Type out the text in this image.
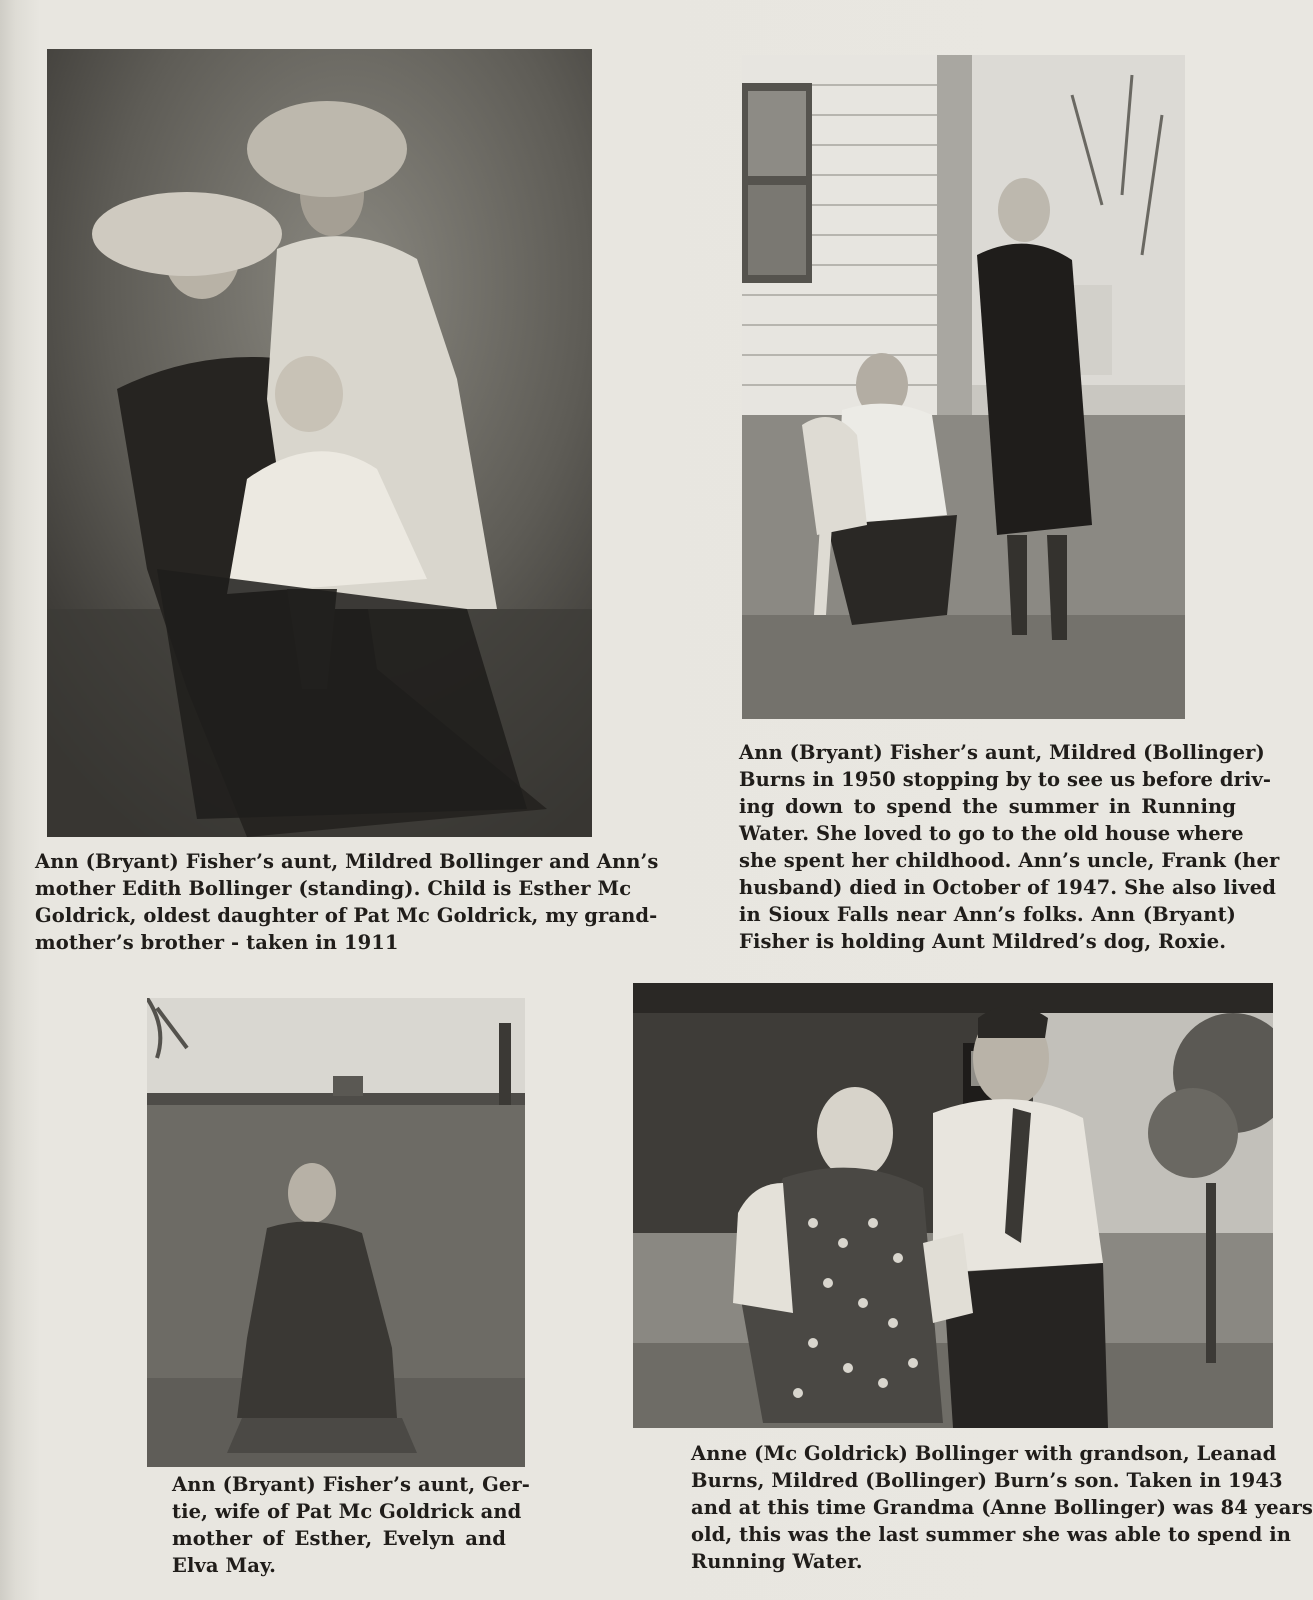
Ann (Bryant) Fisher’s aunt, Mildred Bollinger and Ann’s
mother Edith Bollinger (standing). Child is Esther Mc
Goldrick, oldest daughter of Pat Mc Goldrick, my grand-
mother’s brother - taken in 1911
Ann (Bryant) Fisher’s aunt, Mildred (Bollinger)
Burns in 1950 stopping by to see us before driv-
ing down to spend the summer in Running
Water. She loved to go to the old house where
she spent her childhood. Ann’s uncle, Frank (her
husband) died in October of 1947. She also lived
in Sioux Falls near Ann’s folks. Ann (Bryant)
Fisher is holding Aunt Mildred’s dog, Roxie.
Ann (Bryant) Fisher’s aunt, Ger-
tie, wife of Pat Mc Goldrick and
mother of Esther, Evelyn and
Elva May.
Anne (Mc Goldrick) Bollinger with grandson, Leanad
Burns, Mildred (Bollinger) Burn’s son. Taken in 1943
and at this time Grandma (Anne Bollinger) was 84 years
old, this was the last summer she was able to spend in
Running Water.
